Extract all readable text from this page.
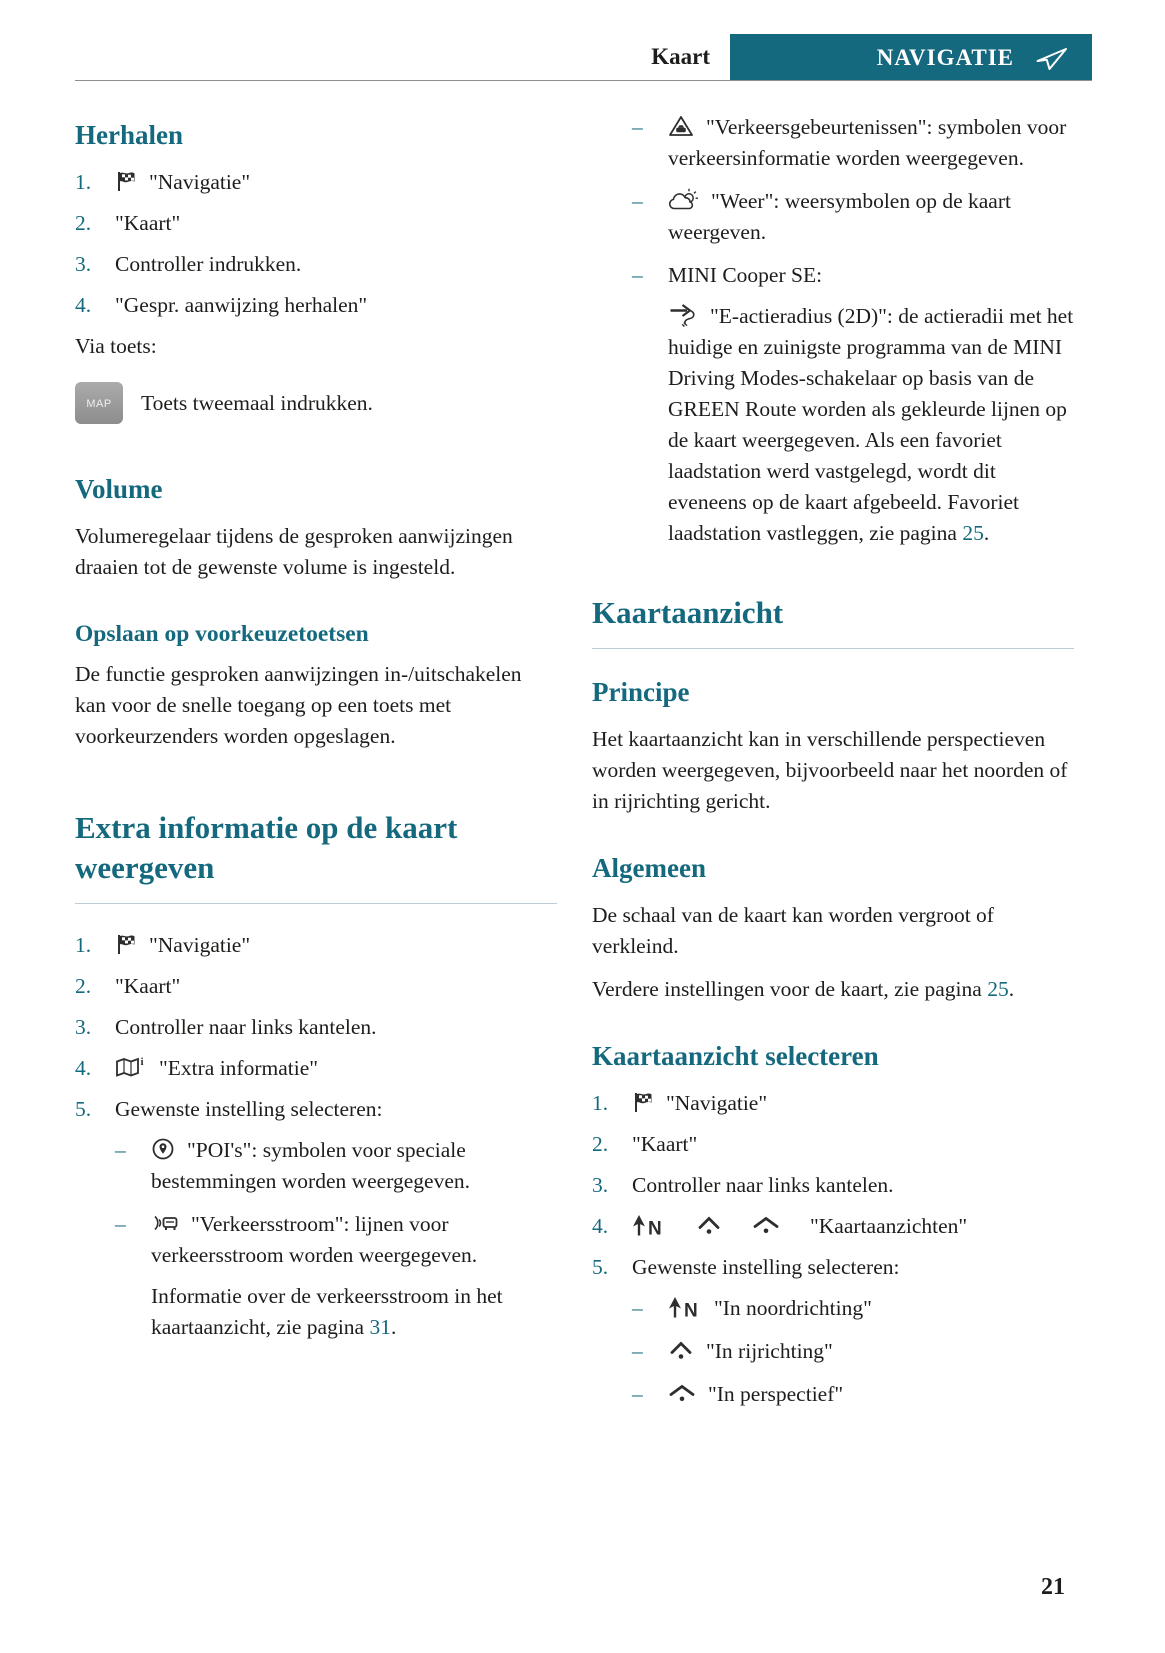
Kaart	NAVIGATIE
Herhalen
1.	"Navigatie"
2.	"Kaart"
3.	Controller indrukken.
4.	"Gespr. aanwijzing herhalen"

Via toets:

MAP Toets tweemaal indrukken.
Volume

Volumeregelaar tijdens de gesproken aanwijzingen draaien tot de gewenste volume is ingesteld.

Opslaan op voorkeuzetoetsen

De functie gesproken aanwijzingen in-/uitschakelen kan voor de snelle toegang op een toets met voorkeurzenders worden opgeslagen.

Extra informatie op de kaart weergeven
1.	"Navigatie"
2.	"Kaart"
3.	Controller naar links kantelen.
4.	"Extra informatie"
5.	Gewenste instelling selecteren:
–	"POI's": symbolen voor speciale bestemmingen worden weergegeven.
–	"Verkeersstroom": lijnen voor verkeersstroom worden weergegeven.
Informatie over de verkeersstroom in het kaartaanzicht, zie pagina 31.
–	"Verkeersgebeurtenissen": symbolen voor verkeersinformatie worden weergegeven.
–	"Weer": weersymbolen op de kaart weergeven.
–	MINI Cooper SE:
"E-actieradius (2D)": de actieradii met het huidige en zuinigste programma van de MINI Driving Modes-schakelaar op basis van de GREEN Route worden als gekleurde lijnen op de kaart weergegeven. Als een favoriet laadstation werd vastgelegd, wordt dit eveneens op de kaart afgebeeld. Favoriet laadstation vastleggen, zie pagina 25.
Kaartaanzicht
Principe

Het kaartaanzicht kan in verschillende perspectieven worden weergegeven, bijvoorbeeld naar het noorden of in rijrichting gericht.

Algemeen

De schaal van de kaart kan worden vergroot of verkleind.

Verdere instellingen voor de kaart, zie pagina 25.

Kaartaanzicht selecteren
1.	"Navigatie"
2.	"Kaart"
3.	Controller naar links kantelen.
4.	"Kaartaanzichten"
5.	Gewenste instelling selecteren:
–	"In noordrichting"
–	"In rijrichting"
–	"In perspectief"
21
